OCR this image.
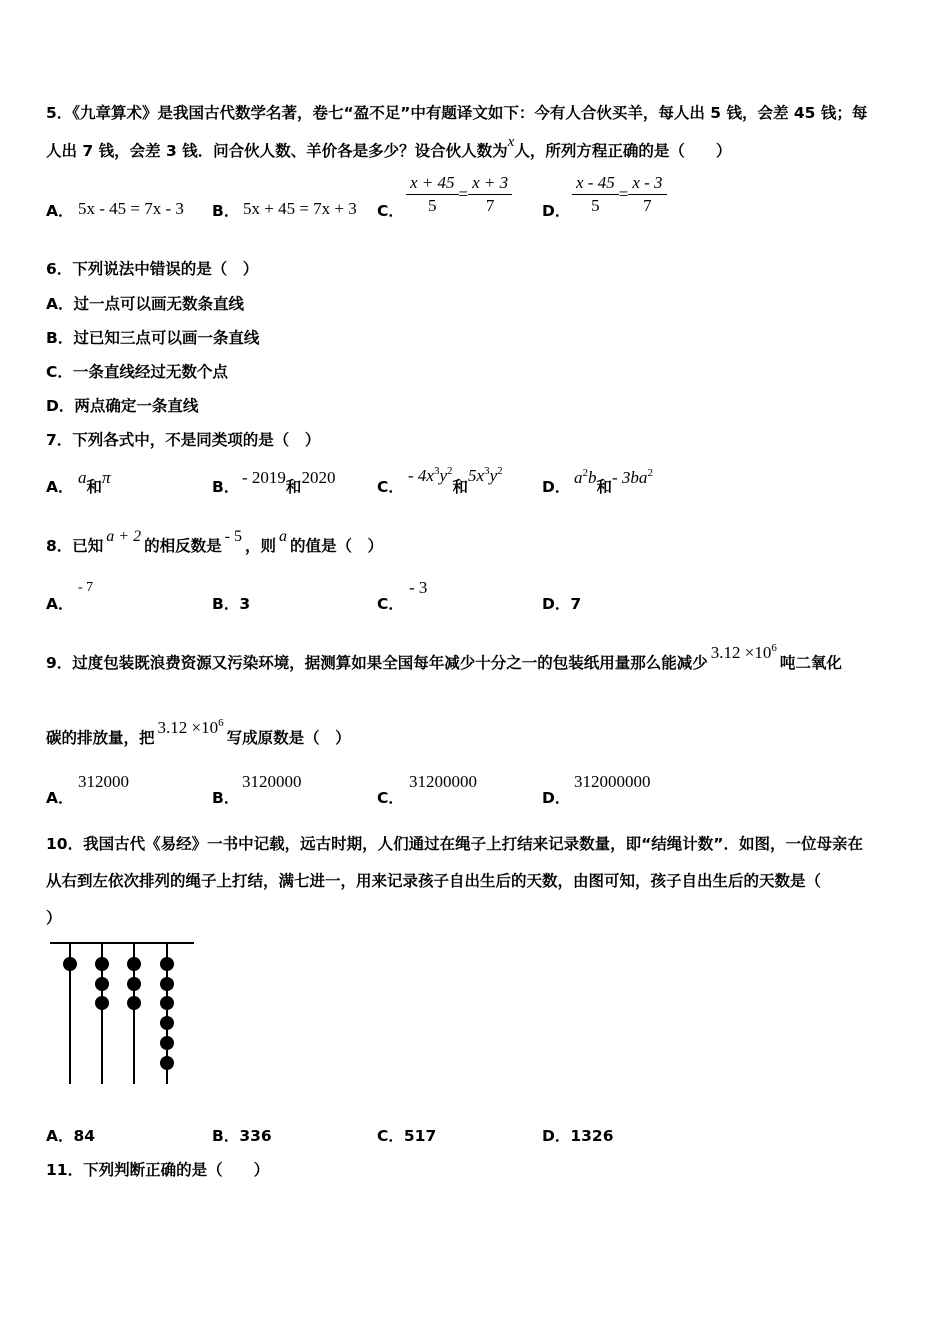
5．《九章算术》是我国古代数学名著，卷七“盈不足”中有题译文如下：今有人合伙买羊，每人出 5 钱，会差 45 钱；每
人出 7 钱，会差 3 钱．问合伙人数、羊价各是多少？设合伙人数为x人，所列方程正确的是（　　）
A． 5x - 45 = 7x - 3 B． 5x + 45 = 7x + 3 C． $\frac{x + 45}{5} = \frac{x + 3}{7}$ D． $\frac{x - 45}{5} = \frac{x - 3}{7}$
6．下列说法中错误的是（　）
A．过一点可以画无数条直线
B．过已知三点可以画一条直线
C．一条直线经过无数个点
D．两点确定一条直线
7．下列各式中，不是同类项的是（　）
A． a和π	B． - 2019和2020	C．
- $4x^3y^2$和$5x^3y^2$
D． $a^2b$和- $3ba^2$
8．已知a + 2的相反数是- 5，则a的值是（　）
A．
- 7
B．3	C．
- 3
D．7
9．过度包装既浪费资源又污染环境，据测算如果全国每年减少十分之一的包装纸用量那么能减少$3.12 \times 10^6$吨二氧化
碳的排放量，把$3.12 \times 10^6$写成原数是（　）
A．
312000
B．
3120000
C．
31200000
D．
312000000
10．我国古代《易经》一书中记载，远古时期，人们通过在绳子上打结来记录数量，即“结绳计数”．如图，一位母亲在
从右到左依次排列的绳子上打结，满七进一，用来记录孩子自出生后的天数，由图可知，孩子自出生后的天数是（
）
A．84	B．336	C．517	D．1326
11．下列判断正确的是（　　）
